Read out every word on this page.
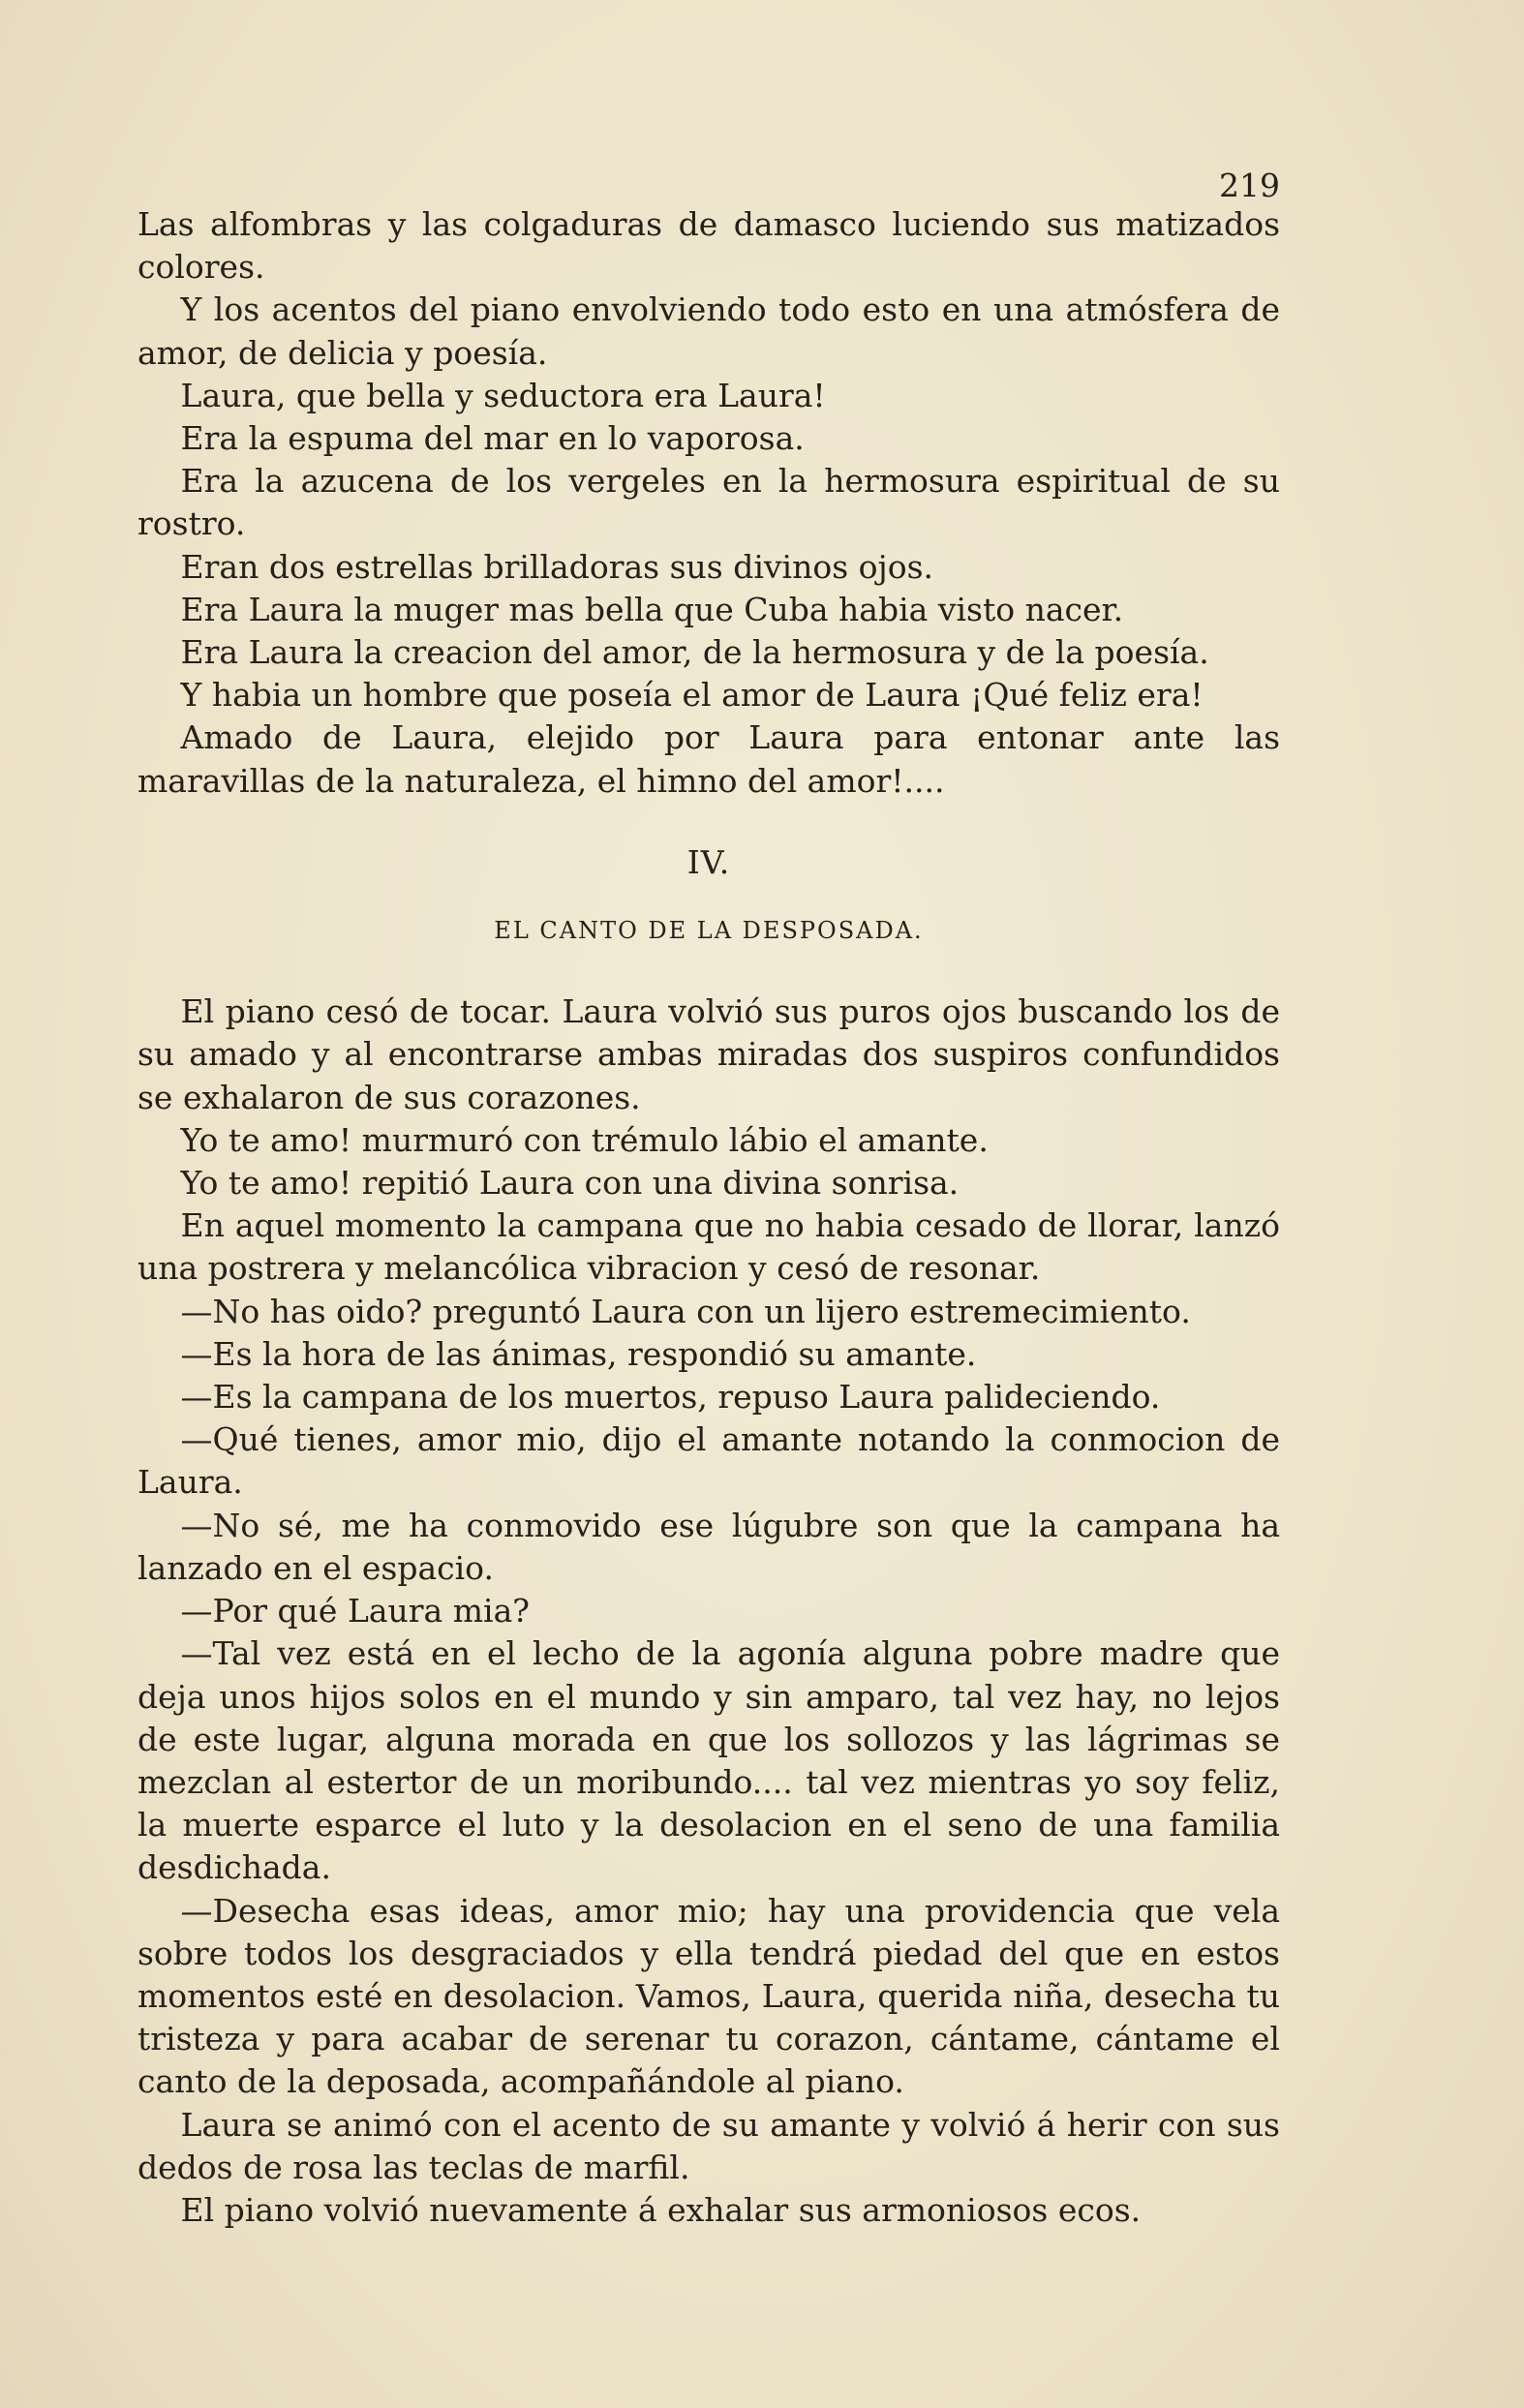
219

Las alfombras y las colgaduras de damasco luciendo sus matizados colores.

Y los acentos del piano envolviendo todo esto en una atmósfera de amor, de delicia y poesía.

Laura, que bella y seductora era Laura!

Era la espuma del mar en lo vaporosa.

Era la azucena de los vergeles en la hermosura espiritual de su rostro.

Eran dos estrellas brilladoras sus divinos ojos.

Era Laura la muger mas bella que Cuba habia visto nacer.

Era Laura la creacion del amor, de la hermosura y de la poesía.

Y habia un hombre que poseía el amor de Laura ¡Qué feliz era!

Amado de Laura, elejido por Laura para entonar ante las maravillas de la naturaleza, el himno del amor!....

IV.
EL CANTO DE LA DESPOSADA.

El piano cesó de tocar. Laura volvió sus puros ojos buscando los de su amado y al encontrarse ambas miradas dos suspiros confundidos se exhalaron de sus corazones.

Yo te amo! murmuró con trémulo lábio el amante.

Yo te amo! repitió Laura con una divina sonrisa.

En aquel momento la campana que no habia cesado de llorar, lanzó una postrera y melancólica vibracion y cesó de resonar.

—No has oido? preguntó Laura con un lijero estremecimiento.

—Es la hora de las ánimas, respondió su amante.

—Es la campana de los muertos, repuso Laura palideciendo.

—Qué tienes, amor mio, dijo el amante notando la conmocion de Laura.

—No sé, me ha conmovido ese lúgubre son que la campana ha lanzado en el espacio.

—Por qué Laura mia?

—Tal vez está en el lecho de la agonía alguna pobre madre que deja unos hijos solos en el mundo y sin amparo, tal vez hay, no lejos de este lugar, alguna morada en que los sollozos y las lágrimas se mezclan al estertor de un moribundo.... tal vez mientras yo soy feliz, la muerte esparce el luto y la desolacion en el seno de una familia desdichada.

—Desecha esas ideas, amor mio; hay una providencia que vela sobre todos los desgraciados y ella tendrá piedad del que en estos momentos esté en desolacion. Vamos, Laura, querida niña, desecha tu tristeza y para acabar de serenar tu corazon, cántame, cántame el canto de la deposada, acompañándole al piano.

Laura se animó con el acento de su amante y volvió á herir con sus dedos de rosa las teclas de marfil.

El piano volvió nuevamente á exhalar sus armoniosos ecos.
